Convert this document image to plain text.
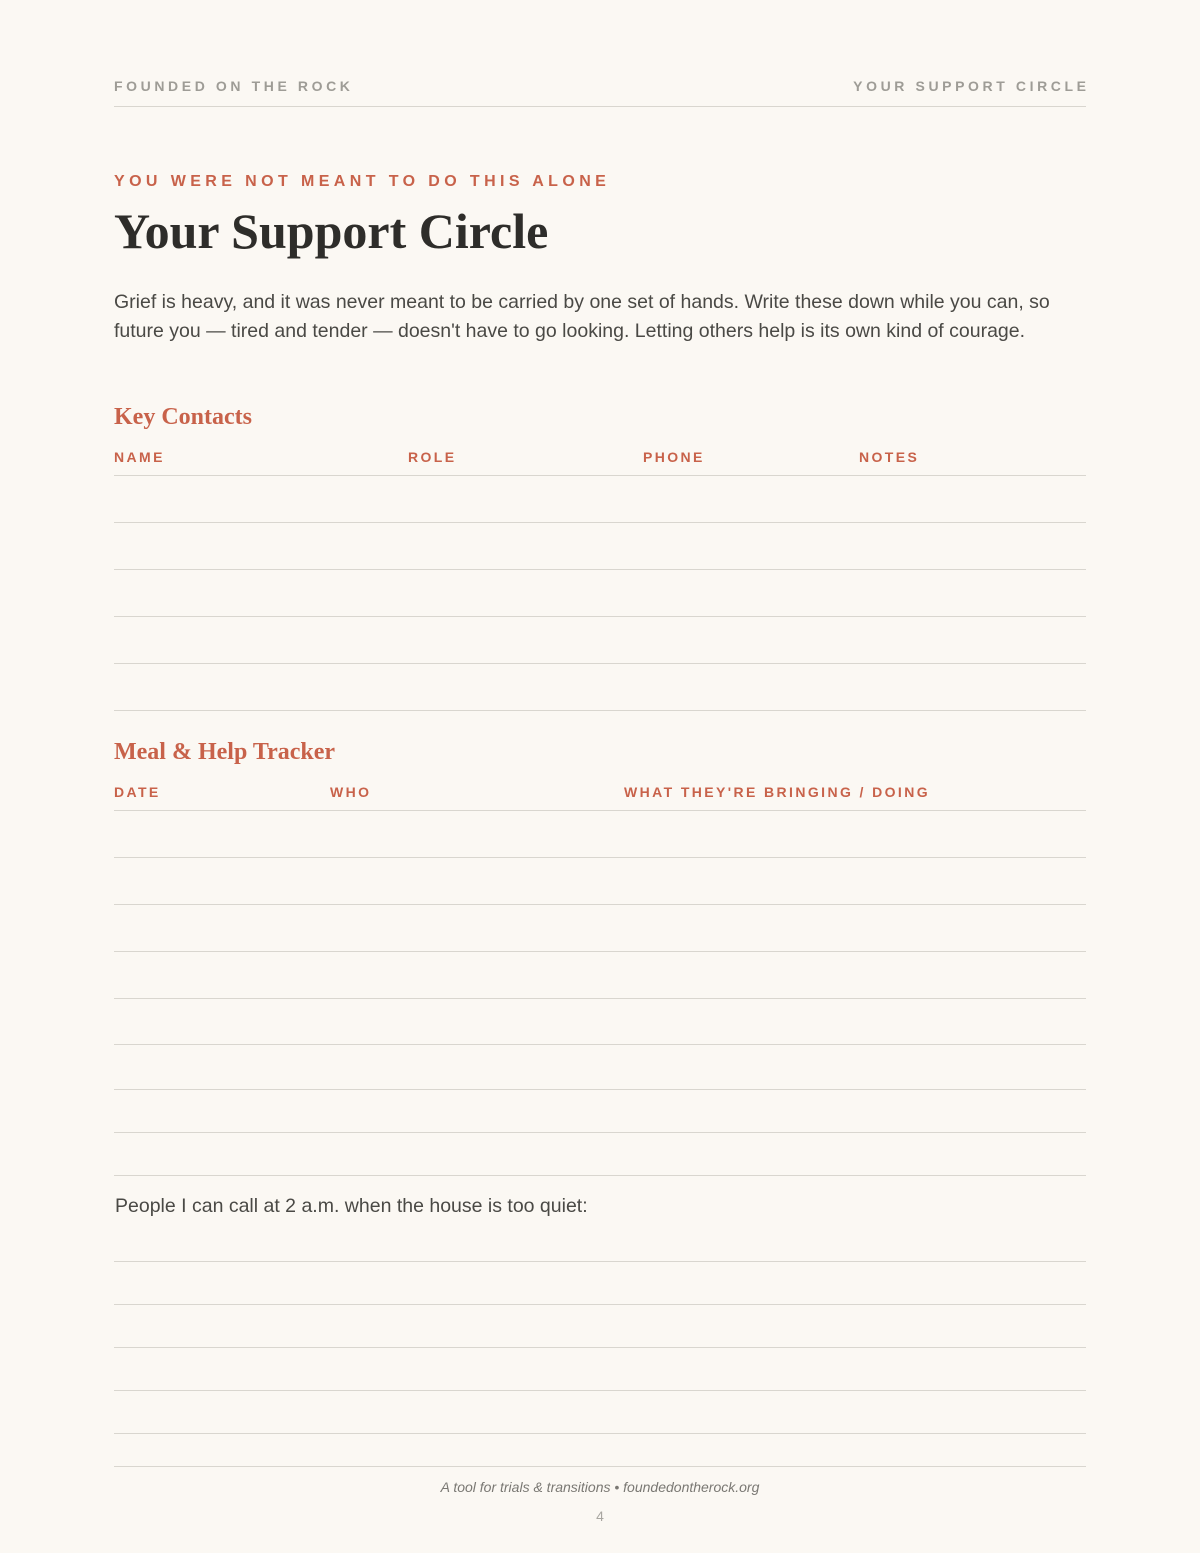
FOUNDED ON THE ROCK	YOUR SUPPORT CIRCLE
YOU WERE NOT MEANT TO DO THIS ALONE
Your Support Circle

Grief is heavy, and it was never meant to be carried by one set of hands. Write these down while you can, so future you — tired and tender — doesn't have to go looking. Letting others help is its own kind of courage.

Key Contacts
NAME	ROLE	PHONE	NOTES
Meal & Help Tracker
DATE	WHO	WHAT THEY'RE BRINGING / DOING
People I can call at 2 a.m. when the house is too quiet:
A tool for trials & transitions • foundedontherock.org
4
